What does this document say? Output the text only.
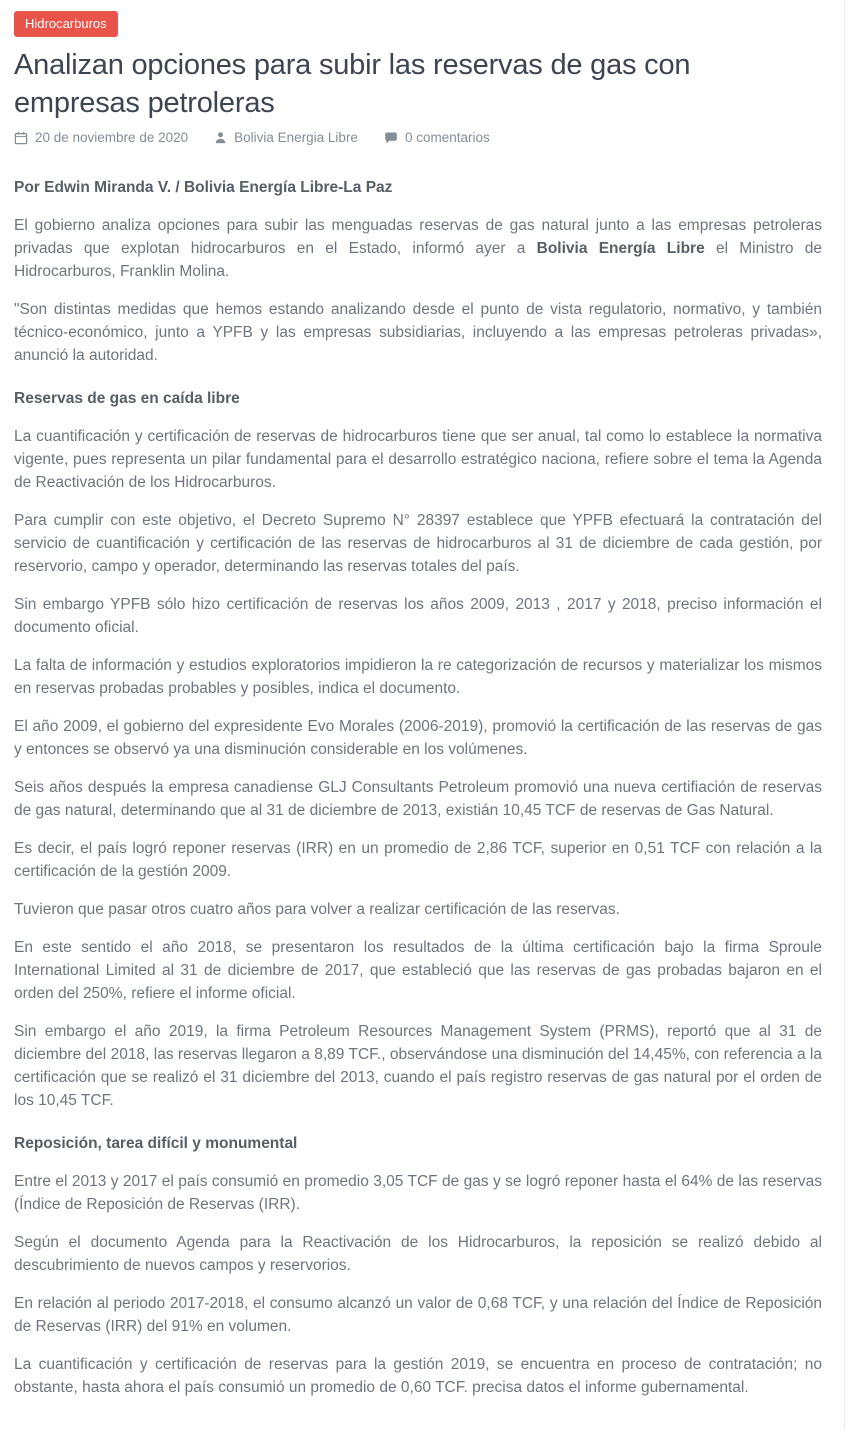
Hidrocarburos
Analizan opciones para subir las reservas de gas con empresas petroleras
20 de noviembre de 2020	Bolivia Energia Libre	0 comentarios

Por Edwin Miranda V. / Bolivia Energía Libre-La Paz

El gobierno analiza opciones para subir las menguadas reservas de gas natural junto a las empresas petroleras privadas que explotan hidrocarburos en el Estado, informó ayer a Bolivia Energía Libre el Ministro de Hidrocarburos, Franklin Molina.

"Son distintas medidas que hemos estando analizando desde el punto de vista regulatorio, normativo, y también técnico-económico, junto a YPFB y las empresas subsidiarias, incluyendo a las empresas petroleras privadas», anunció la autoridad.

Reservas de gas en caída libre

La cuantificación y certificación de reservas de hidrocarburos tiene que ser anual, tal como lo establece la normativa vigente, pues representa un pilar fundamental para el desarrollo estratégico naciona, refiere sobre el tema la Agenda de Reactivación de los Hidrocarburos.

Para cumplir con este objetivo, el Decreto Supremo N° 28397 establece que YPFB efectuará la contratación del servicio de cuantificación y certificación de las reservas de hidrocarburos al 31 de diciembre de cada gestión, por reservorio, campo y operador, determinando las reservas totales del país.

Sin embargo YPFB sólo hizo certificación de reservas los años 2009, 2013 , 2017 y 2018, preciso información el documento oficial.

La falta de información y estudios exploratorios impidieron la re categorización de recursos y materializar los mismos en reservas probadas probables y posibles, indica el documento.

El año 2009, el gobierno del expresidente Evo Morales (2006-2019), promovió la certificación de las reservas de gas y entonces se observó ya una disminución considerable en los volúmenes.

Seis años después la empresa canadiense GLJ Consultants Petroleum promovió una nueva certifiación de reservas de gas natural, determinando que al 31 de diciembre de 2013, existián 10,45 TCF de reservas de Gas Natural.

Es decir, el país logró reponer reservas (IRR) en un promedio de 2,86 TCF, superior en 0,51 TCF con relación a la certificación de la gestión 2009.

Tuvieron que pasar otros cuatro años para volver a realizar certificación de las reservas.

En este sentido el año 2018, se presentaron los resultados de la última certificación bajo la firma Sproule International Limited al 31 de diciembre de 2017, que estableció que las reservas de gas probadas bajaron en el orden del 250%, refiere el informe oficial.

Sin embargo el año 2019, la firma Petroleum Resources Management System (PRMS), reportó que al 31 de diciembre del 2018, las reservas llegaron a 8,89 TCF., observándose una disminución del 14,45%, con referencia a la certificación que se realizó el 31 diciembre del 2013, cuando el país registro reservas de gas natural por el orden de los 10,45 TCF.

Reposición, tarea difícil y monumental

Entre el 2013 y 2017 el país consumió en promedio 3,05 TCF de gas y se logró reponer hasta el 64% de las reservas (Índice de Reposición de Reservas (IRR).

Según el documento Agenda para la Reactivación de los Hidrocarburos, la reposición se realizó debido al descubrimiento de nuevos campos y reservorios.

En relación al periodo 2017-2018, el consumo alcanzó un valor de 0,68 TCF, y una relación del Índice de Reposición de Reservas (IRR) del 91% en volumen.

La cuantificación y certificación de reservas para la gestión 2019, se encuentra en proceso de contratación; no obstante, hasta ahora el país consumió un promedio de 0,60 TCF. precisa datos el informe gubernamental.
